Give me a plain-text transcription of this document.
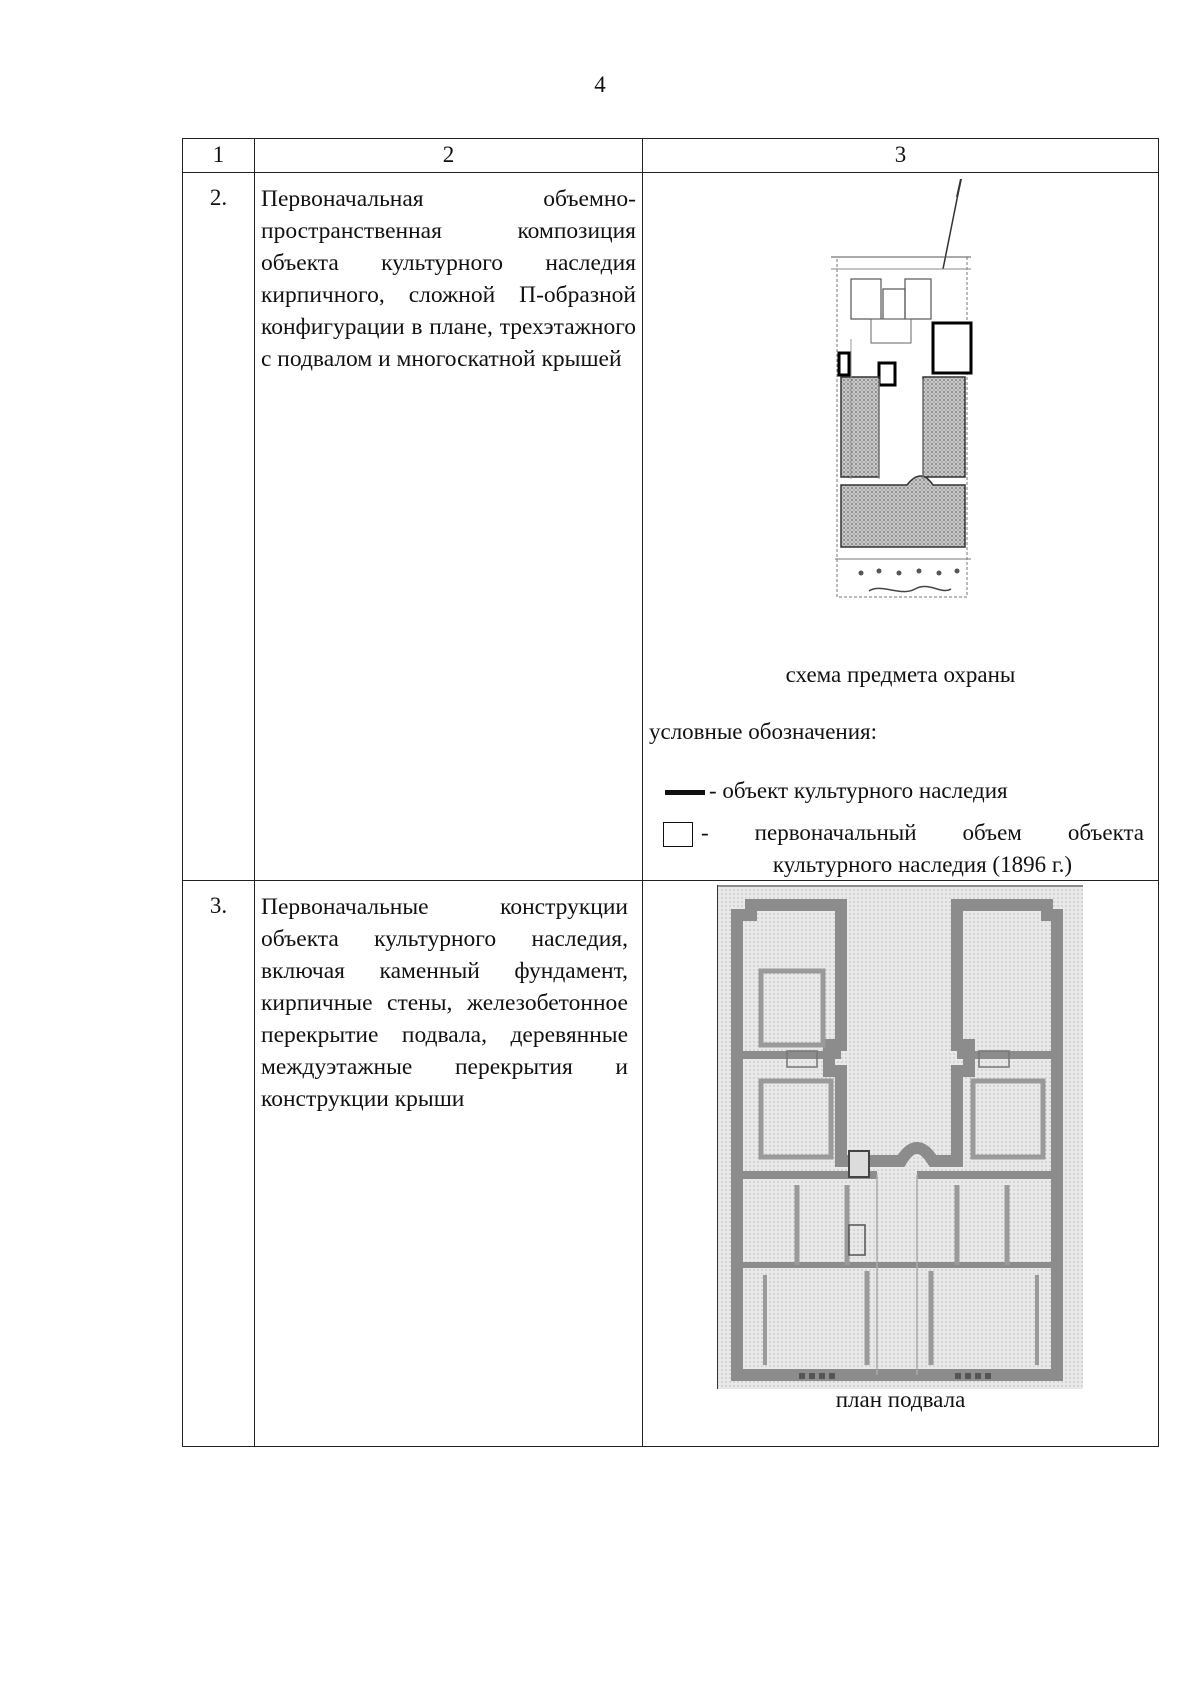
4
1	2	3
2.	Первоначальная объемно-пространственная композиция объекта культурного наследия кирпичного, сложной П-образной конфигурации в плане, трехэтажного с подвалом и многоскатной крышей	схема предмета охраны
условные обозначения:
- объект культурного наследия
- первоначальный объем объекта культурного наследия (1896 г.)

3.	Первоначальные конструкции объекта культурного наследия, включая каменный фундамент, кирпичные стены, железобетонное перекрытие подвала, деревянные междуэтажные перекрытия и конструкции крыши	план подвала
